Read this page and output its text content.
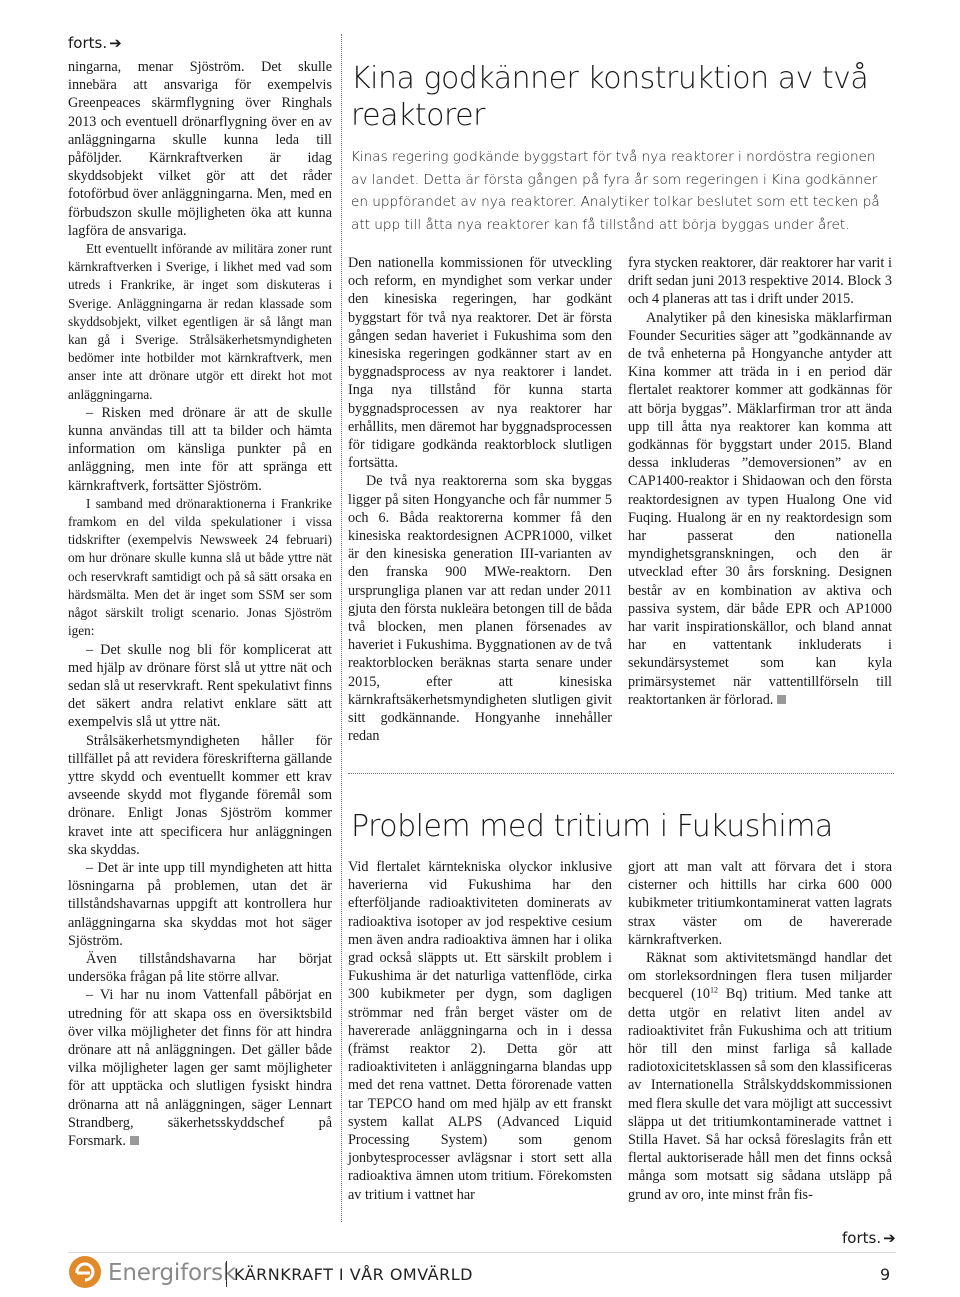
forts. ➔

ningarna, menar Sjöström. Det skulle innebära att ansvariga för exempelvis Greenpeaces skärmflygning över Ringhals 2013 och eventuell drönarflygning över en av anläggningarna skulle kunna leda till påföljder. Kärnkraftverken är idag skyddsobjekt vilket gör att det råder fotoförbud över anläggningarna. Men, med en förbudszon skulle möjligheten öka att kunna lagföra de ansvariga.

Ett eventuellt införande av militära zoner runt kärnkraftverken i Sverige, i likhet med vad som utreds i Frankrike, är inget som diskuteras i Sverige. Anläggningarna är redan klassade som skyddsobjekt, vilket egentligen är så långt man kan gå i Sverige. Strålsäkerhetsmyndigheten bedömer inte hotbilder mot kärnkraftverk, men anser inte att drönare utgör ett direkt hot mot anläggningarna.

– Risken med drönare är att de skulle kunna användas till att ta bilder och hämta information om känsliga punkter på en anläggning, men inte för att spränga ett kärnkraftverk, fortsätter Sjöström.

I samband med drönaraktionerna i Frankrike framkom en del vilda spekulationer i vissa tidskrifter (exempelvis Newsweek 24 februari) om hur drönare skulle kunna slå ut både yttre nät och reservkraft samtidigt och på så sätt orsaka en härdsmälta. Men det är inget som SSM ser som något särskilt troligt scenario. Jonas Sjöström igen:

– Det skulle nog bli för komplicerat att med hjälp av drönare först slå ut yttre nät och sedan slå ut reservkraft. Rent spekulativt finns det säkert andra relativt enklare sätt att exempelvis slå ut yttre nät.

Strålsäkerhetsmyndigheten håller för tillfället på att revidera föreskrifterna gällande yttre skydd och eventuellt kommer ett krav avseende skydd mot flygande föremål som drönare. Enligt Jonas Sjöström kommer kravet inte att specificera hur anläggningen ska skyddas.

– Det är inte upp till myndigheten att hitta lösningarna på problemen, utan det är tillståndshavarnas uppgift att kontrollera hur anläggningarna ska skyddas mot hot säger Sjöström.

Även tillståndshavarna har börjat undersöka frågan på lite större allvar.

– Vi har nu inom Vattenfall påbörjat en utredning för att skapa oss en översiktsbild över vilka möjligheter det finns för att hindra drönare att nå anläggningen. Det gäller både vilka möjligheter lagen ger samt möjligheter för att upptäcka och slutligen fysiskt hindra drönarna att nå anläggningen, säger Lennart Strandberg, säkerhetsskyddschef på Forsmark.

Kina godkänner konstruktion av två reaktorer
Kinas regering godkände byggstart för två nya reaktorer i nordöstra regionen av landet. Detta är första gången på fyra år som regeringen i Kina godkänner en uppförandet av nya reaktorer. Analytiker tolkar beslutet som ett tecken på att upp till åtta nya reaktorer kan få tillstånd att börja byggas under året.

Den nationella kommissionen för utveckling och reform, en myndighet som verkar under den kinesiska regeringen, har godkänt byggstart för två nya reaktorer. Det är första gången sedan haveriet i Fukushima som den kinesiska regeringen godkänner start av en byggnadsprocess av nya reaktorer i landet. Inga nya tillstånd för kunna starta byggnadsprocessen av nya reaktorer har erhållits, men däremot har byggnadsprocessen för tidigare godkända reaktorblock slutligen fortsätta.

De två nya reaktorerna som ska byggas ligger på siten Hongyanche och får nummer 5 och 6. Båda reaktorerna kommer få den kinesiska reaktordesignen ACPR1000, vilket är den kinesiska generation III-varianten av den franska 900 MWe-reaktorn. Den ursprungliga planen var att redan under 2011 gjuta den första nukleära betongen till de båda två blocken, men planen försenades av haveriet i Fukushima. Byggnationen av de två reaktorblocken beräknas starta senare under 2015, efter att kinesiska kärnkraftsäkerhetsmyndigheten slutligen givit sitt godkännande. Hongyanhe innehåller redan

fyra stycken reaktorer, där reaktorer har varit i drift sedan juni 2013 respektive 2014. Block 3 och 4 planeras att tas i drift under 2015.

Analytiker på den kinesiska mäklarfirman Founder Securities säger att ”godkännande av de två enheterna på Hongyanche antyder att Kina kommer att träda in i en period där flertalet reaktorer kommer att godkännas för att börja byggas”. Mäklarfirman tror att ända upp till åtta nya reaktorer kan komma att godkännas för byggstart under 2015. Bland dessa inkluderas ”demoversionen” av en CAP1400-reaktor i Shidaowan och den första reaktordesignen av typen Hualong One vid Fuqing. Hualong är en ny reaktordesign som har passerat den nationella myndighetsgranskningen, och den är utvecklad efter 30 års forskning. Designen består av en kombination av aktiva och passiva system, där både EPR och AP1000 har varit inspirationskällor, och bland annat har en vattentank inkluderats i sekundärsystemet som kan kyla primärsystemet när vattentillförseln till reaktortanken är förlorad.

Problem med tritium i Fukushima

Vid flertalet kärntekniska olyckor inklusive haverierna vid Fukushima har den efterföljande radioaktiviteten dominerats av radioaktiva isotoper av jod respektive cesium men även andra radioaktiva ämnen har i olika grad också släppts ut. Ett särskilt problem i Fukushima är det naturliga vattenflöde, cirka 300 kubikmeter per dygn, som dagligen strömmar ned från berget väster om de havererade anläggningarna och in i dessa (främst reaktor 2). Detta gör att radioaktiviteten i anläggningarna blandas upp med det rena vattnet. Detta förorenade vatten tar TEPCO hand om med hjälp av ett franskt system kallat ALPS (Advanced Liquid Processing System) som genom jonbytesprocesser avlägsnar i stort sett alla radioaktiva ämnen utom tritium. Förekomsten av tritium i vattnet har

gjort att man valt att förvara det i stora cisterner och hittills har cirka 600 000 kubikmeter tritiumkontaminerat vatten lagrats strax väster om de havererade kärnkraftverken.

Räknat som aktivitetsmängd handlar det om storleksordningen flera tusen miljarder becquerel ($10^{12}$ Bq) tritium. Med tanke att detta utgör en relativt liten andel av radioaktivitet från Fukushima och att tritium hör till den minst farliga så kallade radiotoxicitetsklassen så som den klassificeras av Internationella Strålskyddskommissionen med flera skulle det vara möjligt att successivt släppa ut det tritiumkontaminerade vattnet i Stilla Havet. Så har också föreslagits från ett flertal auktoriserade håll men det finns också många som motsatt sig sådana utsläpp på grund av oro, inte minst från fis-

forts. ➔
Energiforsk
KÄRNKRAFT I VÅR OMVÄRLD	9
